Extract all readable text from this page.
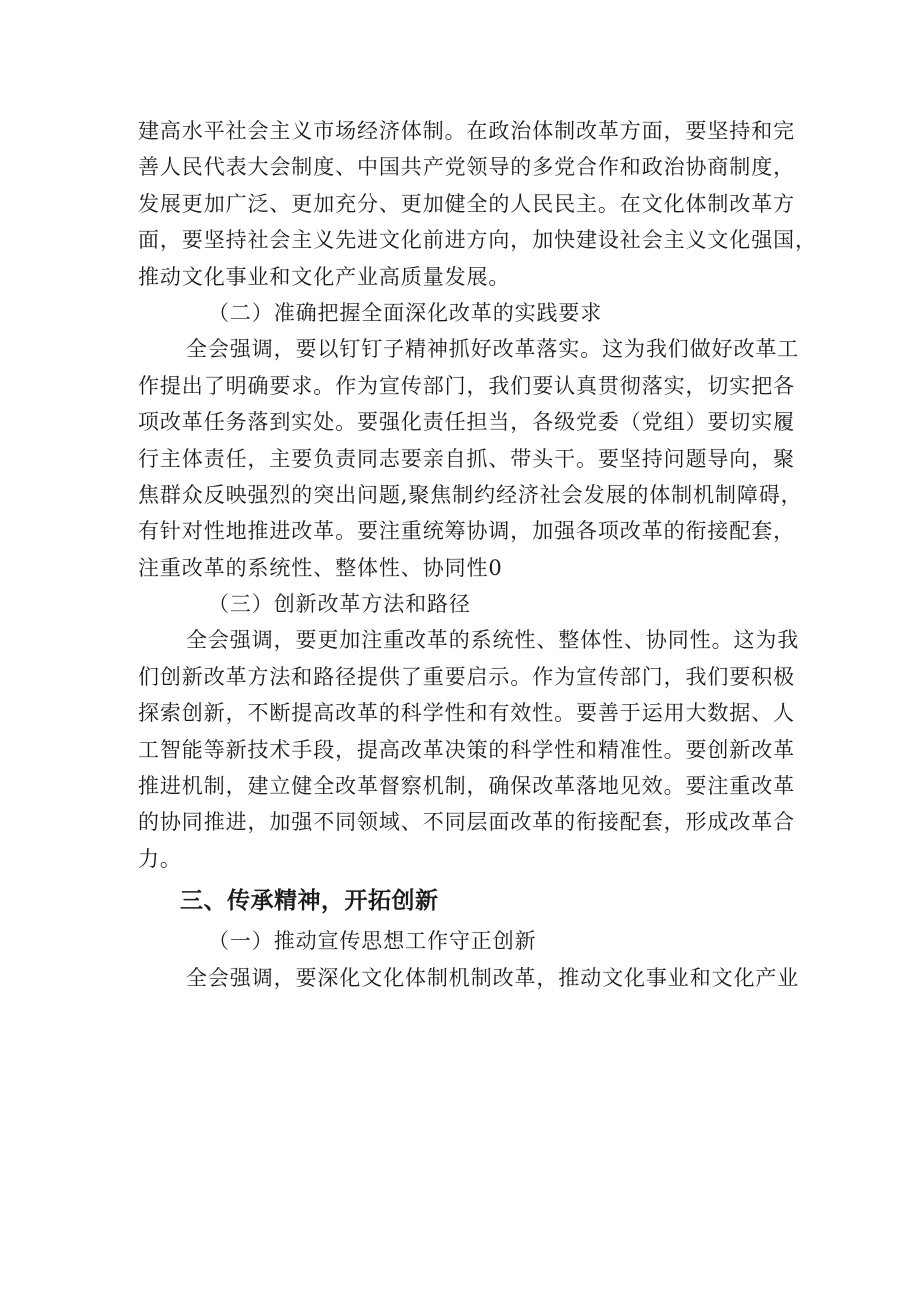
建高水平社会主义市场经济体制。在政治体制改革方面，要坚持和完
善人民代表大会制度、中国共产党领导的多党合作和政治协商制度，
发展更加广泛、更加充分、更加健全的人民民主。在文化体制改革方
面，要坚持社会主义先进文化前进方向，加快建设社会主义文化强国，
推动文化事业和文化产业高质量发展。
（二）准确把握全面深化改革的实践要求
全会强调，要以钉钉子精神抓好改革落实。这为我们做好改革工
作提出了明确要求。作为宣传部门，我们要认真贯彻落实，切实把各
项改革任务落到实处。要强化责任担当，各级党委（党组）要切实履
行主体责任，主要负责同志要亲自抓、带头干。要坚持问题导向，聚
焦群众反映强烈的突出问题,聚焦制约经济社会发展的体制机制障碍，
有针对性地推进改革。要注重统筹协调，加强各项改革的衔接配套，
注重改革的系统性、整体性、协同性0
（三）创新改革方法和路径
全会强调，要更加注重改革的系统性、整体性、协同性。这为我
们创新改革方法和路径提供了重要启示。作为宣传部门，我们要积极
探索创新，不断提高改革的科学性和有效性。要善于运用大数据、人
工智能等新技术手段，提高改革决策的科学性和精准性。要创新改革
推进机制，建立健全改革督察机制，确保改革落地见效。要注重改革
的协同推进，加强不同领域、不同层面改革的衔接配套，形成改革合
力。
三、传承精神，开拓创新
（一）推动宣传思想工作守正创新
全会强调，要深化文化体制机制改革，推动文化事业和文化产业
